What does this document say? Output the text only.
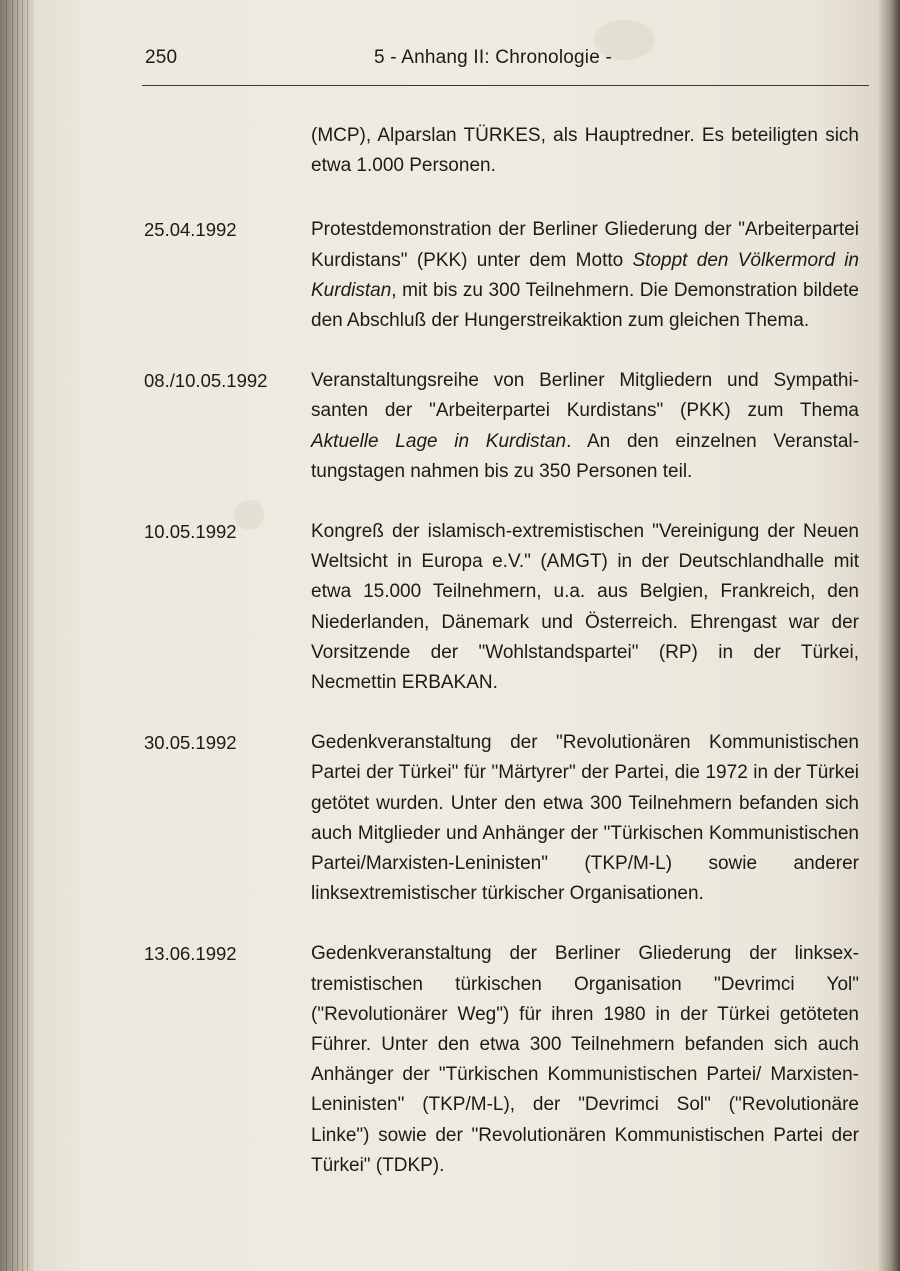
250	5 - Anhang II: Chronologie -
(MCP), Alparslan TÜRKES, als Hauptredner. Es beteiligten sich etwa 1.000 Personen.
25.04.1992	Protestdemonstration der Berliner Gliederung der "Arbeiterpartei Kurdistans" (PKK) unter dem Motto Stoppt den Völkermord in Kurdistan, mit bis zu 300 Teilnehmern. Die Demonstration bildete den Abschluß der Hungerstreikaktion zum gleichen Thema.
08./10.05.1992	Veranstaltungsreihe von Berliner Mitgliedern und Sympathisanten der "Arbeiterpartei Kurdistans" (PKK) zum Thema Aktuelle Lage in Kurdistan. An den einzelnen Veranstaltungstagen nahmen bis zu 350 Personen teil.
10.05.1992	Kongreß der islamisch-extremistischen "Vereinigung der Neuen Weltsicht in Europa e.V." (AMGT) in der Deutschlandhalle mit etwa 15.000 Teilnehmern, u.a. aus Belgien, Frankreich, den Niederlanden, Dänemark und Österreich. Ehrengast war der Vorsitzende der "Wohlstandspartei" (RP) in der Türkei, Necmettin ERBAKAN.
30.05.1992	Gedenkveranstaltung der "Revolutionären Kommunistischen Partei der Türkei" für "Märtyrer" der Partei, die 1972 in der Türkei getötet wurden. Unter den etwa 300 Teilnehmern befanden sich auch Mitglieder und Anhänger der "Türkischen Kommunistischen Partei/Marxisten-Leninisten" (TKP/M-L) sowie anderer linksextremistischer türkischer Organisationen.
13.06.1992	Gedenkveranstaltung der Berliner Gliederung der linksextremistischen türkischen Organisation "Devrimci Yol" ("Revolutionärer Weg") für ihren 1980 in der Türkei getöteten Führer. Unter den etwa 300 Teilnehmern befanden sich auch Anhänger der "Türkischen Kommunistischen Partei/ Marxisten-Leninisten" (TKP/M-L), der "Devrimci Sol" ("Revolutionäre Linke") sowie der "Revolutionären Kommunistischen Partei der Türkei" (TDKP).
